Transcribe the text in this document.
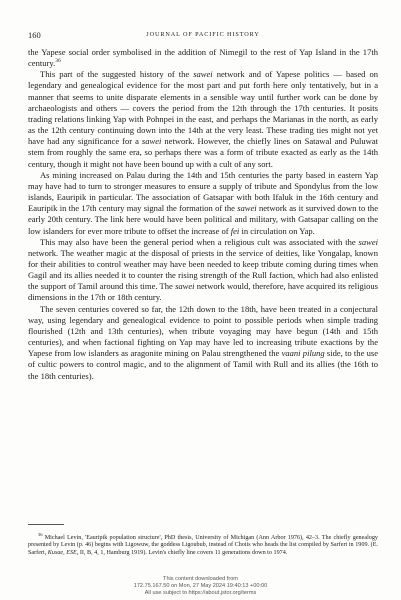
160	JOURNAL OF PACIFIC HISTORY

the Yapese social order symbolised in the addition of Nimegil to the rest of Yap Island in the 17th century.$^{36}$

This part of the suggested history of the sawei network and of Yapese politics — based on legendary and genealogical evidence for the most part and put forth here only tentatively, but in a manner that seems to unite disparate elements in a sensible way until further work can be done by archaeologists and others — covers the period from the 12th through the 17th centuries. It posits trading relations linking Yap with Pohnpei in the east, and perhaps the Marianas in the north, as early as the 12th century continuing down into the 14th at the very least. These trading ties might not yet have had any significance for a sawei network. However, the chiefly lines on Satawal and Puluwat stem from roughly the same era, so perhaps there was a form of tribute exacted as early as the 14th century, though it might not have been bound up with a cult of any sort.

As mining increased on Palau during the 14th and 15th centuries the party based in eastern Yap may have had to turn to stronger measures to ensure a supply of tribute and Spondylus from the low islands, Eauripik in particular. The association of Gatsapar with both Ifaluk in the 16th century and Eauripik in the 17th century may signal the formation of the sawei network as it survived down to the early 20th century. The link here would have been political and military, with Gatsapar calling on the low islanders for ever more tribute to offset the increase of fei in circulation on Yap.

This may also have been the general period when a religious cult was associated with the sawei network. The weather magic at the disposal of priests in the service of deities, like Yongalap, known for their abilities to control weather may have been needed to keep tribute coming during times when Gagil and its allies needed it to counter the rising strength of the Rull faction, which had also enlisted the support of Tamil around this time. The sawei network would, therefore, have acquired its religious dimensions in the 17th or 18th century.

The seven centuries covered so far, the 12th down to the 18th, have been treated in a conjectural way, using legendary and genealogical evidence to point to possible periods when simple trading flourished (12th and 13th centuries), when tribute voyaging may have begun (14th and 15th centuries), and when factional fighting on Yap may have led to increasing tribute exactions by the Yapese from low islanders as aragonite mining on Palau strengthened the vaani pilung side, to the use of cultic powers to control magic, and to the alignment of Tamil with Rull and its allies (the 16th to the 18th centuries).

$^{36}$ Michael Levin, 'Eauripik population structure', PhD thesis, University of Michigan (Ann Arbor 1976), 42–3. The chiefly genealogy presented by Levin (p. 46) begins with Ligowuw, the goddess Ligoubub, instead of Choiis who heads the list compiled by Sarfert in 1909. (E. Sarfert, Kusae, ESE, II, B, 4, 1, Hamburg 1919). Levin's chiefly line covers 11 generations down to 1974.

This content downloaded from
172.75.167.50 on Mon, 27 May 2024 19:40:13 +00:00
All use subject to https://about.jstor.org/terms
